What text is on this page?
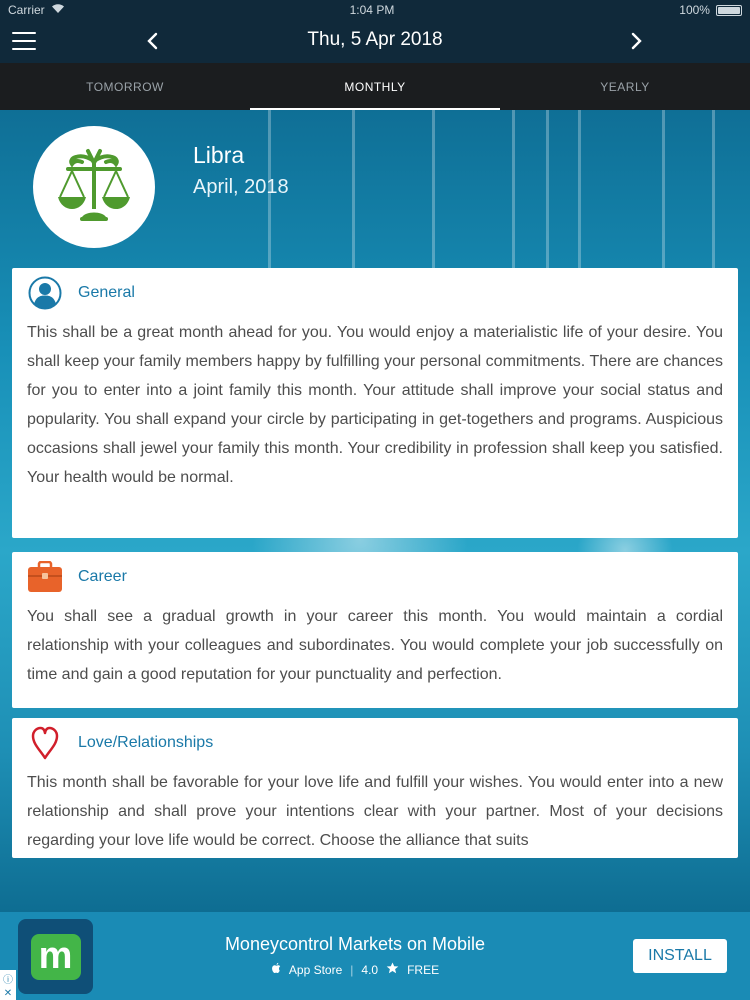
Carrier	1:04 PM	100%
Thu, 5 Apr 2018
TOMORROW	MONTHLY	YEARLY
Libra
April, 2018
General
This shall be a great month ahead for you. You would enjoy a materialistic life of your desire. You shall keep your family members happy by fulfilling your personal commitments. There are chances for you to enter into a joint family this month. Your attitude shall improve your social status and popularity. You shall expand your circle by participating in get-togethers and programs. Auspicious occasions shall jewel your family this month. Your credibility in profession shall keep you satisfied. Your health would be normal.
Career
You shall see a gradual growth in your career this month. You would maintain a cordial relationship with your colleagues and subordinates. You would complete your job successfully on time and gain a good reputation for your punctuality and perfection.
Love/Relationships
This month shall be favorable for your love life and fulfill your wishes. You would enter into a new relationship and shall prove your intentions clear with your partner. Most of your decisions regarding your love life would be correct. Choose the alliance that suits
m	Moneycontrol Markets on Mobile
App Store | 4.0 FREE
INSTALL
ⓘ
✕
